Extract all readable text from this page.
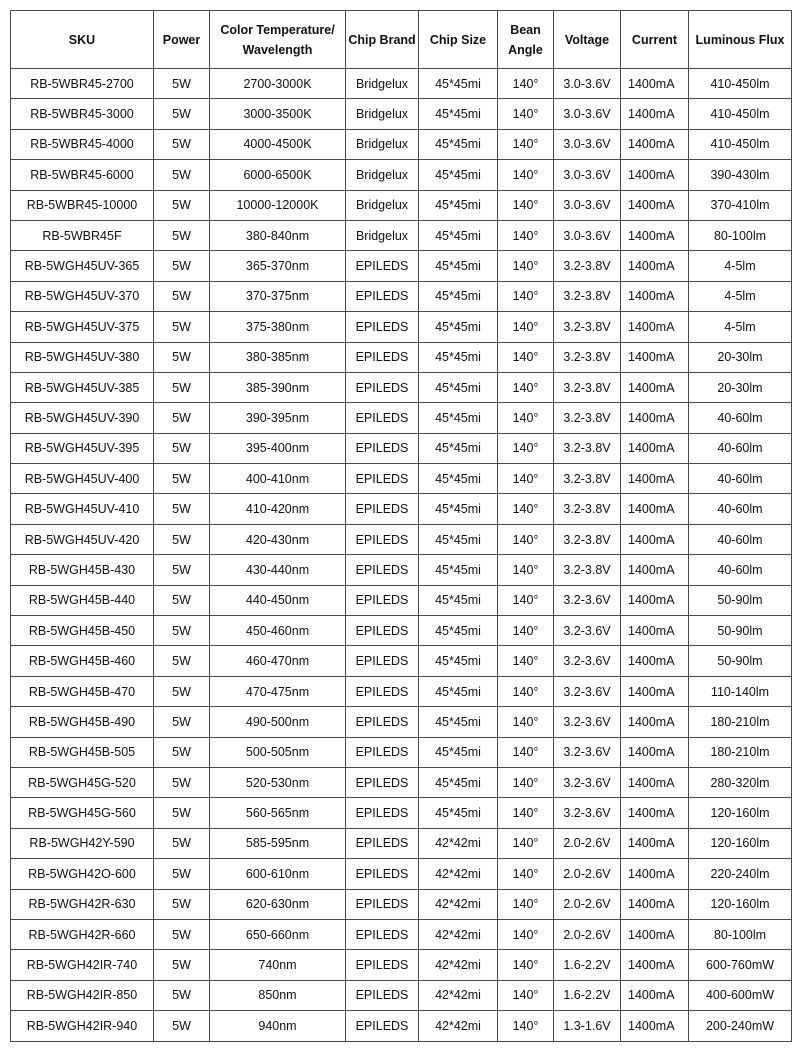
SKU	Power	Color Temperature/ Wavelength	Chip Brand	Chip Size	Bean Angle	Voltage	Current	Luminous Flux
RB-5WBR45-2700	5W	2700-3000K	Bridgelux	45*45mi	140°	3.0-3.6V	1400mA	410-450lm
RB-5WBR45-3000	5W	3000-3500K	Bridgelux	45*45mi	140°	3.0-3.6V	1400mA	410-450lm
RB-5WBR45-4000	5W	4000-4500K	Bridgelux	45*45mi	140°	3.0-3.6V	1400mA	410-450lm
RB-5WBR45-6000	5W	6000-6500K	Bridgelux	45*45mi	140°	3.0-3.6V	1400mA	390-430lm
RB-5WBR45-10000	5W	10000-12000K	Bridgelux	45*45mi	140°	3.0-3.6V	1400mA	370-410lm
RB-5WBR45F	5W	380-840nm	Bridgelux	45*45mi	140°	3.0-3.6V	1400mA	80-100lm
RB-5WGH45UV-365	5W	365-370nm	EPILEDS	45*45mi	140°	3.2-3.8V	1400mA	4-5lm
RB-5WGH45UV-370	5W	370-375nm	EPILEDS	45*45mi	140°	3.2-3.8V	1400mA	4-5lm
RB-5WGH45UV-375	5W	375-380nm	EPILEDS	45*45mi	140°	3.2-3.8V	1400mA	4-5lm
RB-5WGH45UV-380	5W	380-385nm	EPILEDS	45*45mi	140°	3.2-3.8V	1400mA	20-30lm
RB-5WGH45UV-385	5W	385-390nm	EPILEDS	45*45mi	140°	3.2-3.8V	1400mA	20-30lm
RB-5WGH45UV-390	5W	390-395nm	EPILEDS	45*45mi	140°	3.2-3.8V	1400mA	40-60lm
RB-5WGH45UV-395	5W	395-400nm	EPILEDS	45*45mi	140°	3.2-3.8V	1400mA	40-60lm
RB-5WGH45UV-400	5W	400-410nm	EPILEDS	45*45mi	140°	3.2-3.8V	1400mA	40-60lm
RB-5WGH45UV-410	5W	410-420nm	EPILEDS	45*45mi	140°	3.2-3.8V	1400mA	40-60lm
RB-5WGH45UV-420	5W	420-430nm	EPILEDS	45*45mi	140°	3.2-3.8V	1400mA	40-60lm
RB-5WGH45B-430	5W	430-440nm	EPILEDS	45*45mi	140°	3.2-3.8V	1400mA	40-60lm
RB-5WGH45B-440	5W	440-450nm	EPILEDS	45*45mi	140°	3.2-3.6V	1400mA	50-90lm
RB-5WGH45B-450	5W	450-460nm	EPILEDS	45*45mi	140°	3.2-3.6V	1400mA	50-90lm
RB-5WGH45B-460	5W	460-470nm	EPILEDS	45*45mi	140°	3.2-3.6V	1400mA	50-90lm
RB-5WGH45B-470	5W	470-475nm	EPILEDS	45*45mi	140°	3.2-3.6V	1400mA	110-140lm
RB-5WGH45B-490	5W	490-500nm	EPILEDS	45*45mi	140°	3.2-3.6V	1400mA	180-210lm
RB-5WGH45B-505	5W	500-505nm	EPILEDS	45*45mi	140°	3.2-3.6V	1400mA	180-210lm
RB-5WGH45G-520	5W	520-530nm	EPILEDS	45*45mi	140°	3.2-3.6V	1400mA	280-320lm
RB-5WGH45G-560	5W	560-565nm	EPILEDS	45*45mi	140°	3.2-3.6V	1400mA	120-160lm
RB-5WGH42Y-590	5W	585-595nm	EPILEDS	42*42mi	140°	2.0-2.6V	1400mA	120-160lm
RB-5WGH42O-600	5W	600-610nm	EPILEDS	42*42mi	140°	2.0-2.6V	1400mA	220-240lm
RB-5WGH42R-630	5W	620-630nm	EPILEDS	42*42mi	140°	2.0-2.6V	1400mA	120-160lm
RB-5WGH42R-660	5W	650-660nm	EPILEDS	42*42mi	140°	2.0-2.6V	1400mA	80-100lm
RB-5WGH42IR-740	5W	740nm	EPILEDS	42*42mi	140°	1.6-2.2V	1400mA	600-760mW
RB-5WGH42IR-850	5W	850nm	EPILEDS	42*42mi	140°	1.6-2.2V	1400mA	400-600mW
RB-5WGH42IR-940	5W	940nm	EPILEDS	42*42mi	140°	1.3-1.6V	1400mA	200-240mW
